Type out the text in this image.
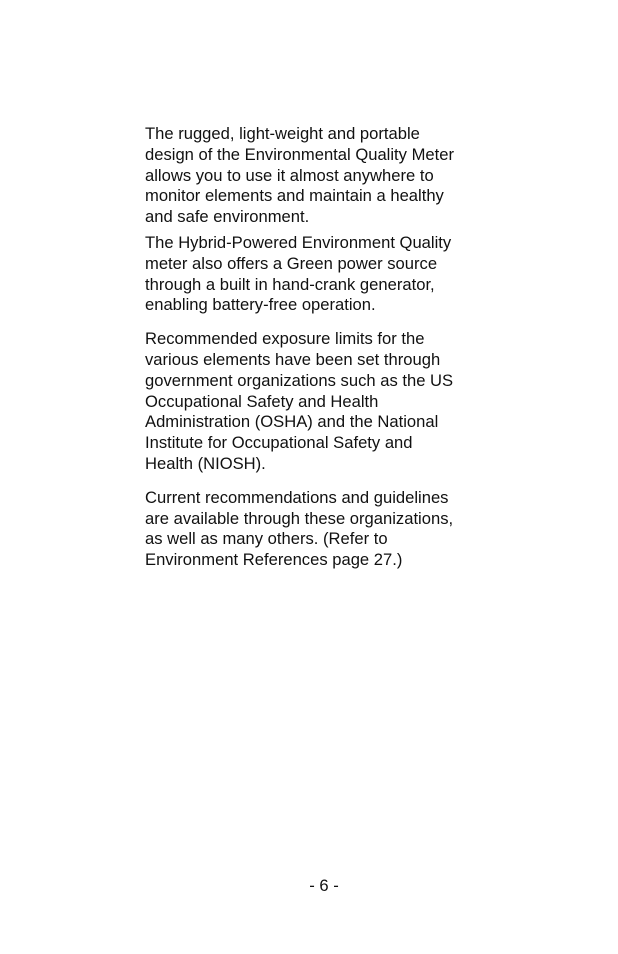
The rugged, light-weight and portable
design of the Environmental Quality Meter
allows you to use it almost anywhere to
monitor elements and maintain a healthy
and safe environment.

The Hybrid-Powered Environment Quality
meter also offers a Green power source
through a built in hand-crank generator,
enabling battery-free operation.

Recommended exposure limits for the
various elements have been set through
government organizations such as the US
Occupational Safety and Health
Administration (OSHA) and the National
Institute for Occupational Safety and
Health (NIOSH).

Current recommendations and guidelines
are available through these organizations,
as well as many others. (Refer to
Environment References page 27.)

- 6 -
